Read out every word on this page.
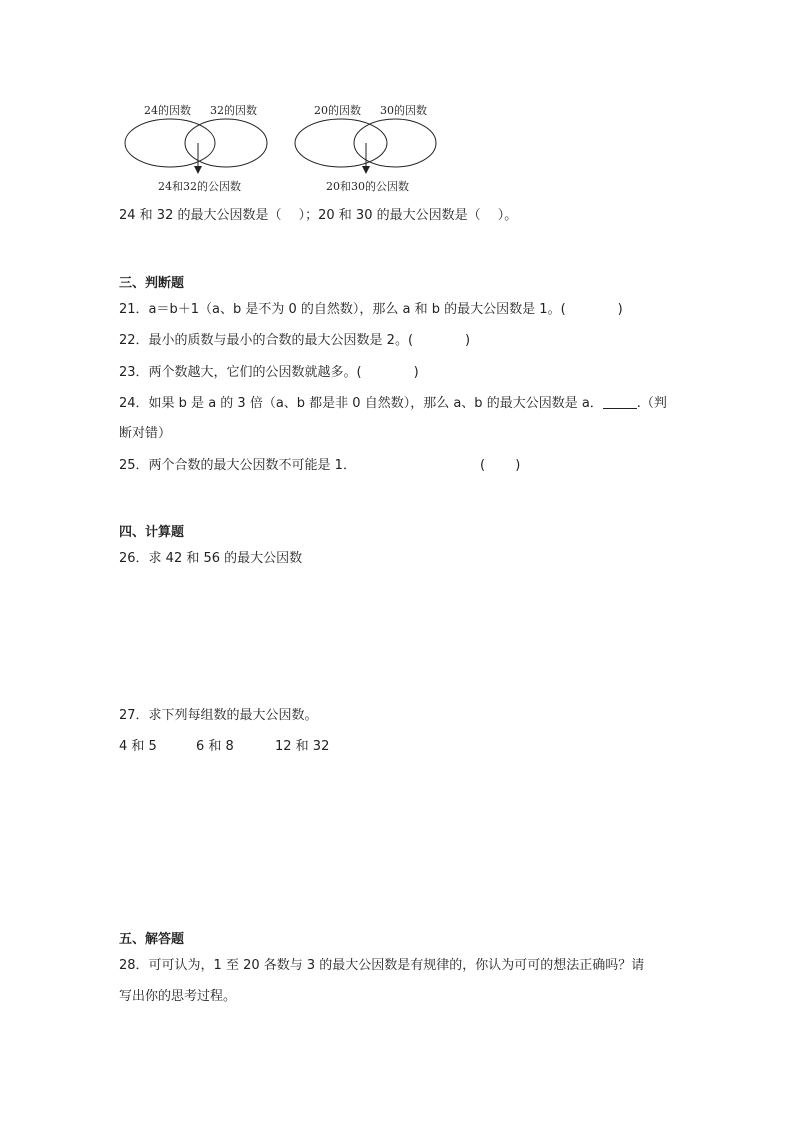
24的因数 32的因数
24和32的公因数
20的因数 30的因数
20和30的公因数
24 和 32 的最大公因数是（　 ）；20 和 30 的最大公因数是（　 ）。
三、判断题
21．a＝b＋1（a、b 是不为 0 的自然数），那么 a 和 b 的最大公因数是 1。(　　　　)
22．最小的质数与最小的合数的最大公因数是 2。(　　　　)
23．两个数越大，它们的公因数就越多。(　　　　)
24．如果 b 是 a 的 3 倍（a、b 都是非 0 自然数），那么 a、b 的最大公因数是 a．	.（判
断对错）
25．两个合数的最大公因数不可能是 1．	(　　 )
四、计算题
26．求 42 和 56 的最大公因数
27．求下列每组数的最大公因数。
4 和 5	6 和 8	12 和 32
五、解答题
28．可可认为，1 至 20 各数与 3 的最大公因数是有规律的，你认为可可的想法正确吗？请
写出你的思考过程。
